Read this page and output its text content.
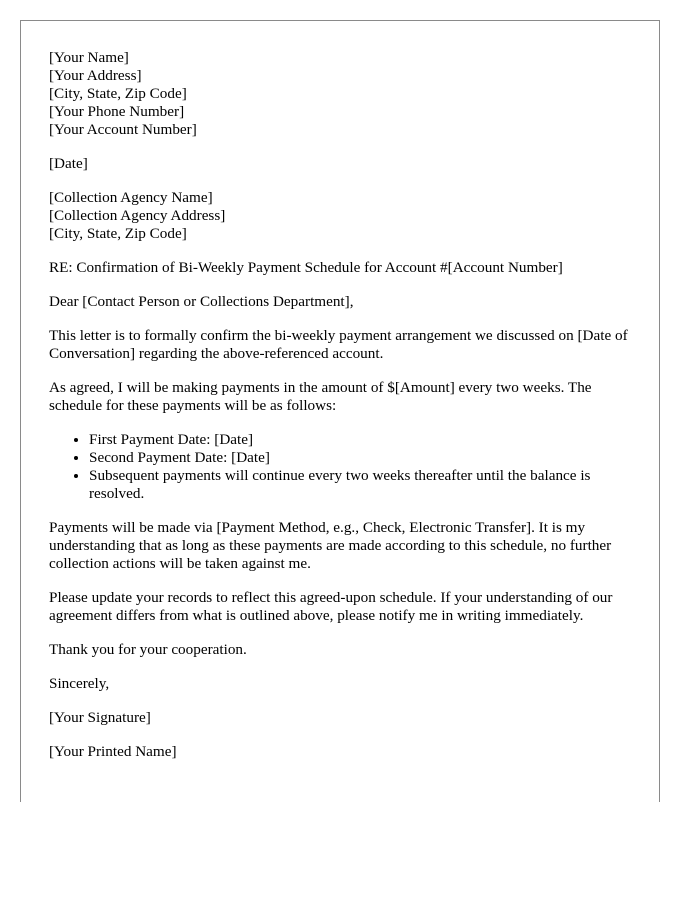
[Your Name]
[Your Address]
[City, State, Zip Code]
[Your Phone Number]
[Your Account Number]

[Date]

[Collection Agency Name]
[Collection Agency Address]
[City, State, Zip Code]

RE: Confirmation of Bi-Weekly Payment Schedule for Account #[Account Number]

Dear [Contact Person or Collections Department],

This letter is to formally confirm the bi-weekly payment arrangement we discussed on [Date of Conversation] regarding the above-referenced account.

As agreed, I will be making payments in the amount of $[Amount] every two weeks. The schedule for these payments will be as follows:

• First Payment Date: [Date]
• Second Payment Date: [Date]
• Subsequent payments will continue every two weeks thereafter until the balance is resolved.

Payments will be made via [Payment Method, e.g., Check, Electronic Transfer]. It is my understanding that as long as these payments are made according to this schedule, no further collection actions will be taken against me.

Please update your records to reflect this agreed-upon schedule. If your understanding of our agreement differs from what is outlined above, please notify me in writing immediately.

Thank you for your cooperation.

Sincerely,

[Your Signature]

[Your Printed Name]
